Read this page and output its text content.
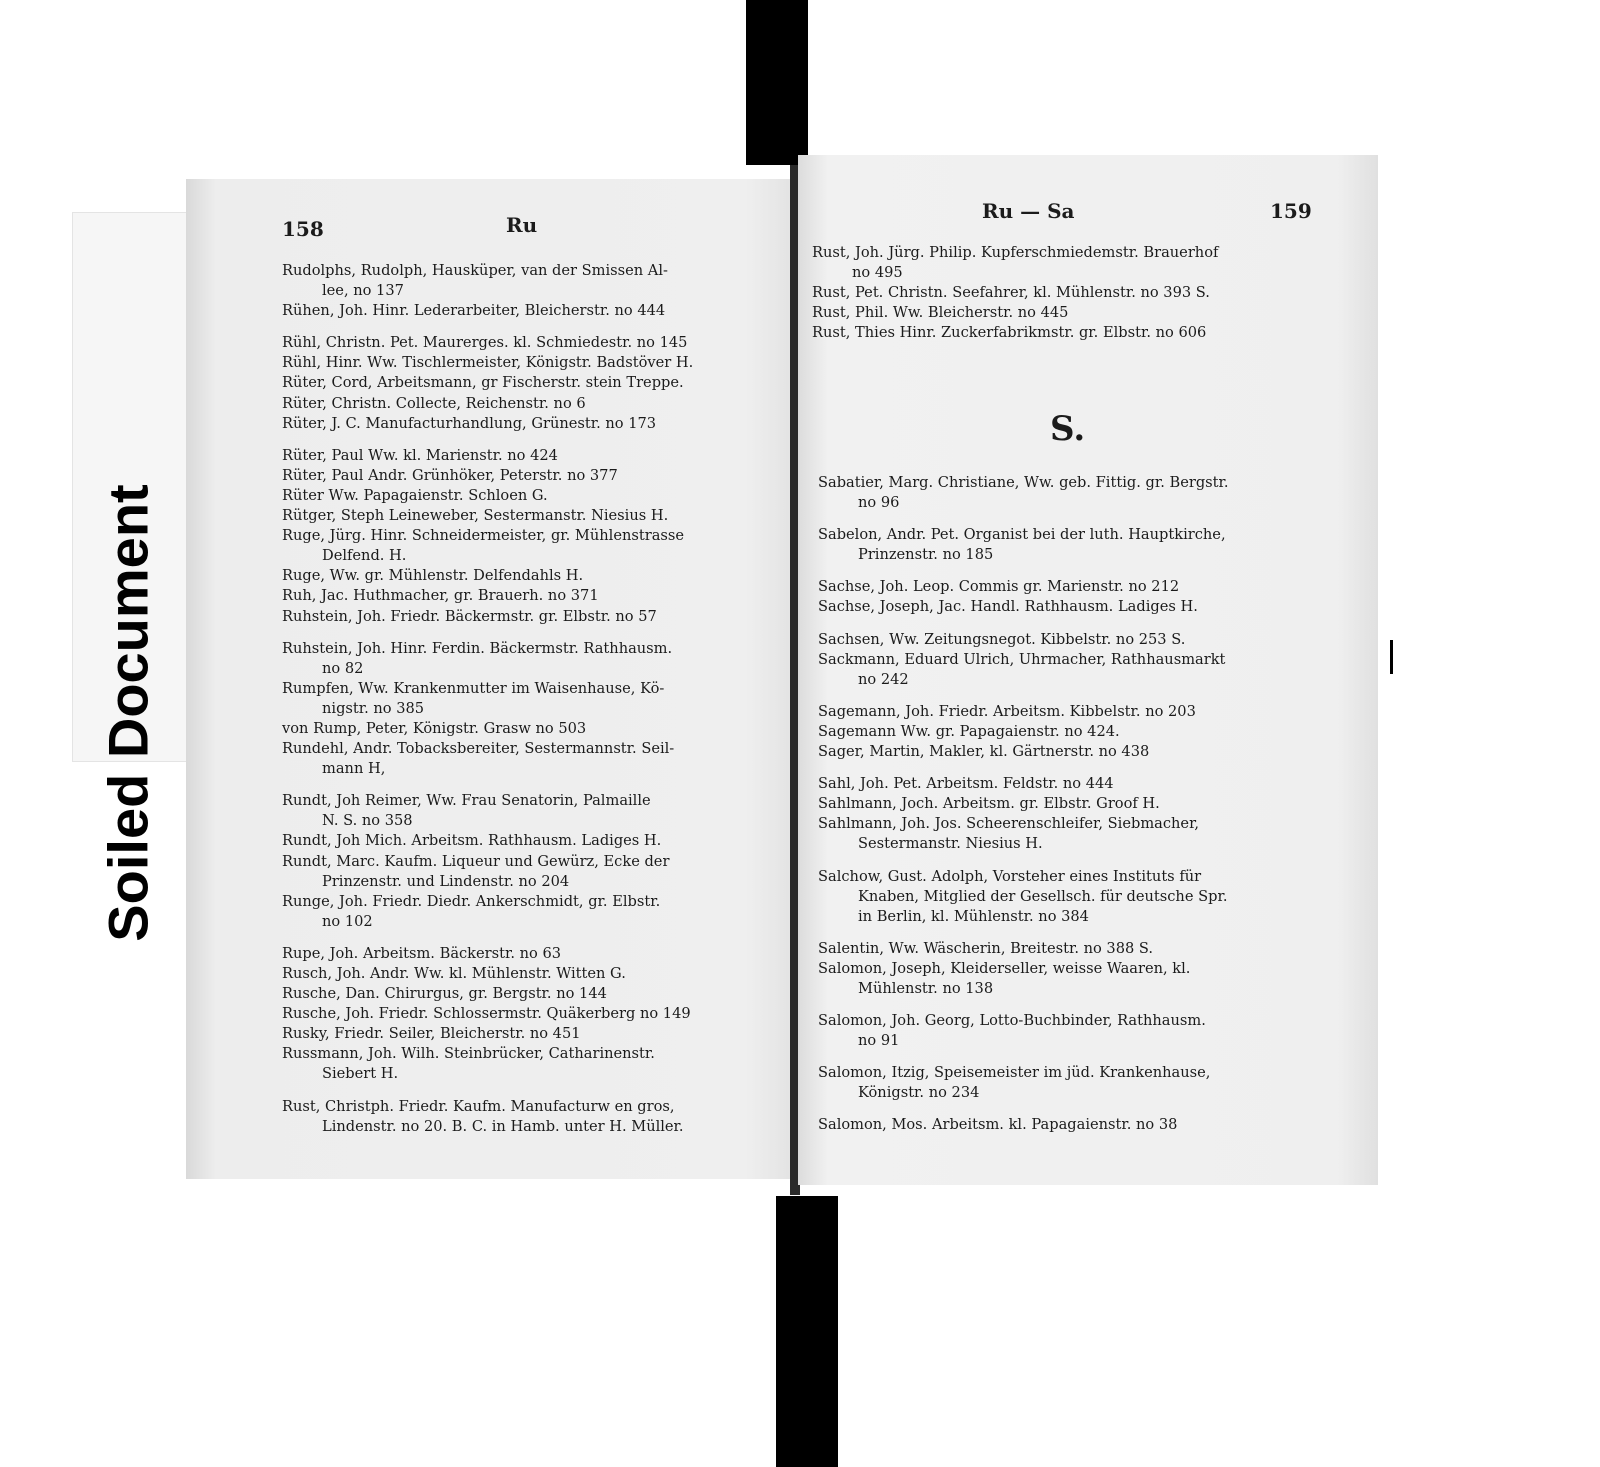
Soiled Document
158	Ru
Rudolphs, Rudolph, Hausküper, van der Smissen Al-
lee, no 137
Rühen, Joh. Hinr. Lederarbeiter, Bleicherstr. no 444
Rühl, Christn. Pet. Maurerges. kl. Schmiedestr. no 145
Rühl, Hinr. Ww. Tischlermeister, Königstr. Badstöver H.
Rüter, Cord, Arbeitsmann, gr Fischerstr. stein Treppe.
Rüter, Christn. Collecte, Reichenstr. no 6
Rüter, J. C. Manufacturhandlung, Grünestr. no 173
Rüter, Paul Ww. kl. Marienstr. no 424
Rüter, Paul Andr. Grünhöker, Peterstr. no 377
Rüter Ww. Papagaienstr. Schloen G.
Rütger, Steph Leineweber, Sestermanstr. Niesius H.
Ruge, Jürg. Hinr. Schneidermeister, gr. Mühlenstrasse
Delfend. H.
Ruge, Ww. gr. Mühlenstr. Delfendahls H.
Ruh, Jac. Huthmacher, gr. Brauerh. no 371
Ruhstein, Joh. Friedr. Bäckermstr. gr. Elbstr. no 57
Ruhstein, Joh. Hinr. Ferdin. Bäckermstr. Rathhausm.
no 82
Rumpfen, Ww. Krankenmutter im Waisenhause, Kö-
nigstr. no 385
von Rump, Peter, Königstr. Grasw no 503
Rundehl, Andr. Tobacksbereiter, Sestermannstr. Seil-
mann H,
Rundt, Joh Reimer, Ww. Frau Senatorin, Palmaille
N. S. no 358
Rundt, Joh Mich. Arbeitsm. Rathhausm. Ladiges H.
Rundt, Marc. Kaufm. Liqueur und Gewürz, Ecke der
Prinzenstr. und Lindenstr. no 204
Runge, Joh. Friedr. Diedr. Ankerschmidt, gr. Elbstr.
no 102
Rupe, Joh. Arbeitsm. Bäckerstr. no 63
Rusch, Joh. Andr. Ww. kl. Mühlenstr. Witten G.
Rusche, Dan. Chirurgus, gr. Bergstr. no 144
Rusche, Joh. Friedr. Schlossermstr. Quäkerberg no 149
Rusky, Friedr. Seiler, Bleicherstr. no 451
Russmann, Joh. Wilh. Steinbrücker, Catharinenstr.
Siebert H.
Rust, Christph. Friedr. Kaufm. Manufacturw en gros,
Lindenstr. no 20. B. C. in Hamb. unter H. Müller.
Ru — Sa	159
Rust, Joh. Jürg. Philip. Kupferschmiedemstr. Brauerhof
no 495
Rust, Pet. Christn. Seefahrer, kl. Mühlenstr. no 393 S.
Rust, Phil. Ww. Bleicherstr. no 445
Rust, Thies Hinr. Zuckerfabrikmstr. gr. Elbstr. no 606
S.
Sabatier, Marg. Christiane, Ww. geb. Fittig. gr. Bergstr.
no 96
Sabelon, Andr. Pet. Organist bei der luth. Hauptkirche,
Prinzenstr. no 185
Sachse, Joh. Leop. Commis gr. Marienstr. no 212
Sachse, Joseph, Jac. Handl. Rathhausm. Ladiges H.
Sachsen, Ww. Zeitungsnegot. Kibbelstr. no 253 S.
Sackmann, Eduard Ulrich, Uhrmacher, Rathhausmarkt
no 242
Sagemann, Joh. Friedr. Arbeitsm. Kibbelstr. no 203
Sagemann Ww. gr. Papagaienstr. no 424.
Sager, Martin, Makler, kl. Gärtnerstr. no 438
Sahl, Joh. Pet. Arbeitsm. Feldstr. no 444
Sahlmann, Joch. Arbeitsm. gr. Elbstr. Groof H.
Sahlmann, Joh. Jos. Scheerenschleifer, Siebmacher,
Sestermanstr. Niesius H.
Salchow, Gust. Adolph, Vorsteher eines Instituts für
Knaben, Mitglied der Gesellsch. für deutsche Spr.
in Berlin, kl. Mühlenstr. no 384
Salentin, Ww. Wäscherin, Breitestr. no 388 S.
Salomon, Joseph, Kleiderseller, weisse Waaren, kl.
Mühlenstr. no 138
Salomon, Joh. Georg, Lotto-Buchbinder, Rathhausm.
no 91
Salomon, Itzig, Speisemeister im jüd. Krankenhause,
Königstr. no 234
Salomon, Mos. Arbeitsm. kl. Papagaienstr. no 38
